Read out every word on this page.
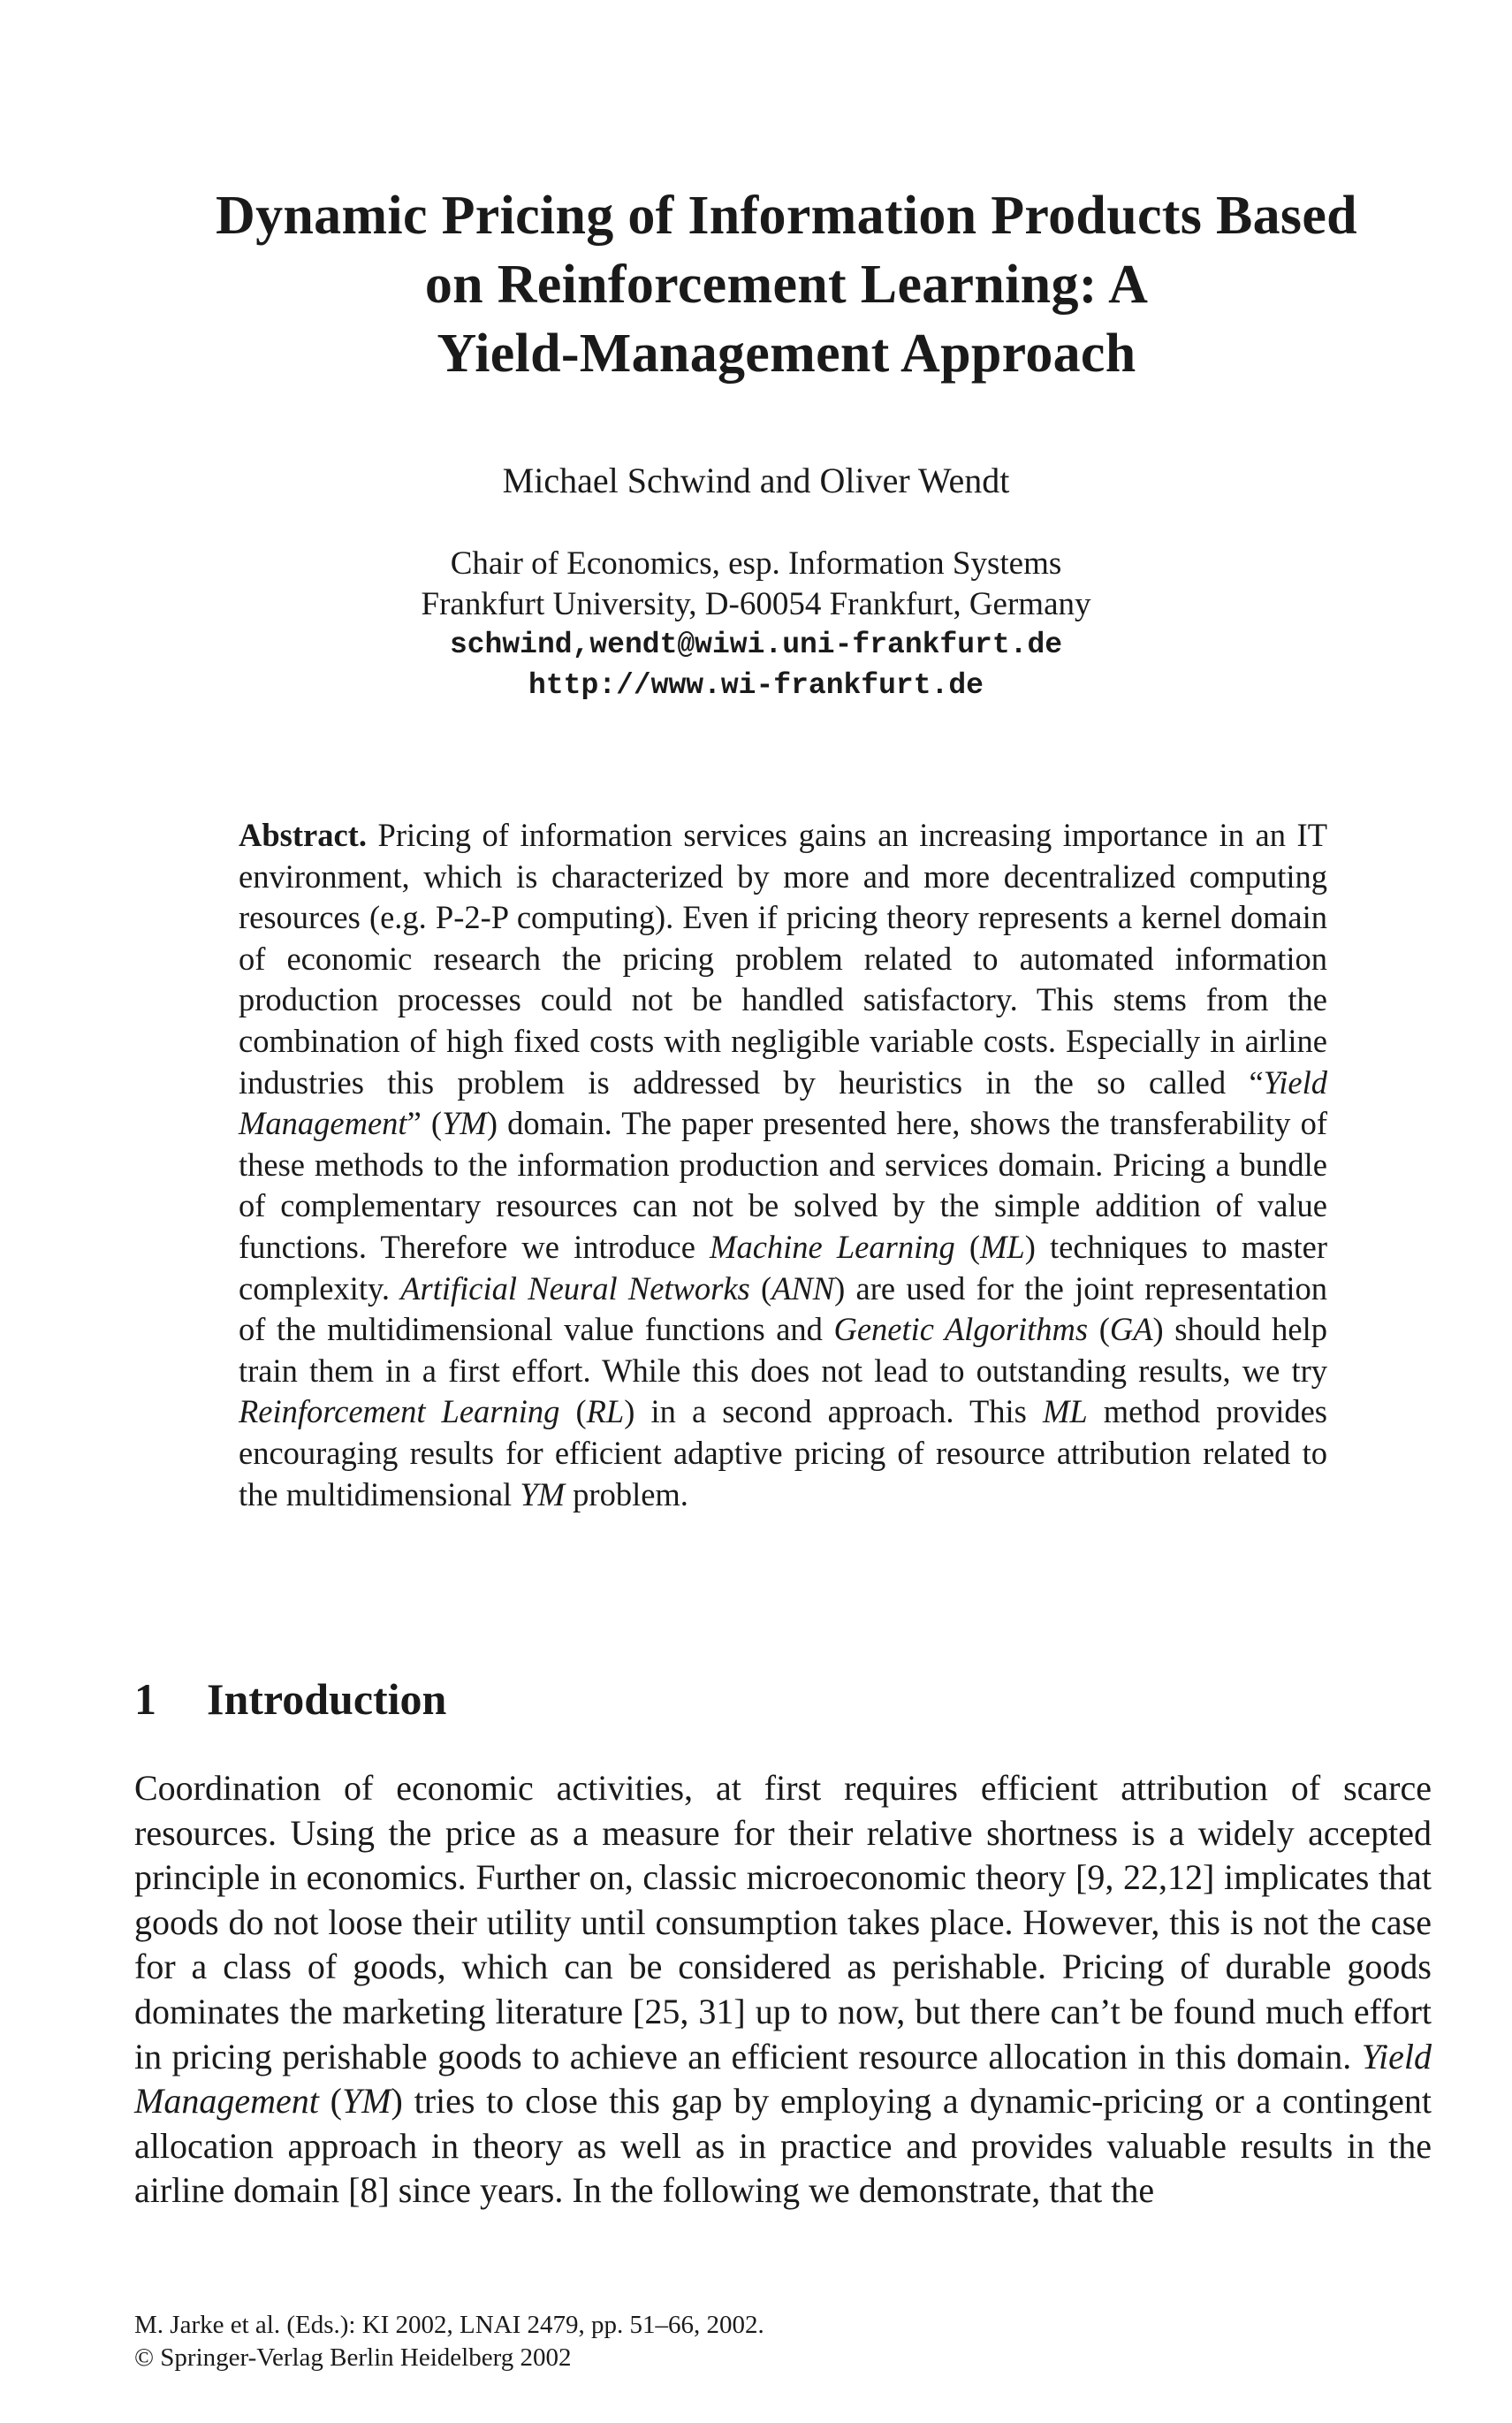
Dynamic Pricing of Information Products Based
on Reinforcement Learning: A
Yield-Management Approach
Michael Schwind and Oliver Wendt
Chair of Economics, esp. Information Systems
Frankfurt University, D-60054 Frankfurt, Germany
schwind,wendt@wiwi.uni-frankfurt.de
http://www.wi-frankfurt.de
Abstract. Pricing of information services gains an increasing importance in an IT environment, which is characterized by more and more decentralized computing resources (e.g. P-2-P computing). Even if pricing theory represents a kernel domain of economic research the pricing problem related to automated information production processes could not be handled satisfactory. This stems from the combination of high fixed costs with negligible variable costs. Especially in airline industries this problem is addressed by heuristics in the so called “Yield Management” (YM) domain. The paper presented here, shows the transferability of these methods to the information production and services domain. Pricing a bundle of complementary resources can not be solved by the simple addition of value functions. Therefore we introduce Machine Learning (ML) techniques to master complexity. Artificial Neural Networks (ANN) are used for the joint representation of the multidimensional value functions and Genetic Algorithms (GA) should help train them in a first effort. While this does not lead to outstanding results, we try Reinforcement Learning (RL) in a second approach. This ML method provides encouraging results for efficient adaptive pricing of resource attribution related to the multidimensional YM problem.
1 Introduction
Coordination of economic activities, at first requires efficient attribution of scarce resources. Using the price as a measure for their relative shortness is a widely accepted principle in economics. Further on, classic microeconomic theory [9, 22,12] implicates that goods do not loose their utility until consumption takes place. However, this is not the case for a class of goods, which can be considered as perishable. Pricing of durable goods dominates the marketing literature [25, 31] up to now, but there can’t be found much effort in pricing perishable goods to achieve an efficient resource allocation in this domain. Yield Management (YM) tries to close this gap by employing a dynamic-pricing or a contingent allocation approach in theory as well as in practice and provides valuable results in the airline domain [8] since years. In the following we demonstrate, that the
M. Jarke et al. (Eds.): KI 2002, LNAI 2479, pp. 51–66, 2002.
© Springer-Verlag Berlin Heidelberg 2002
